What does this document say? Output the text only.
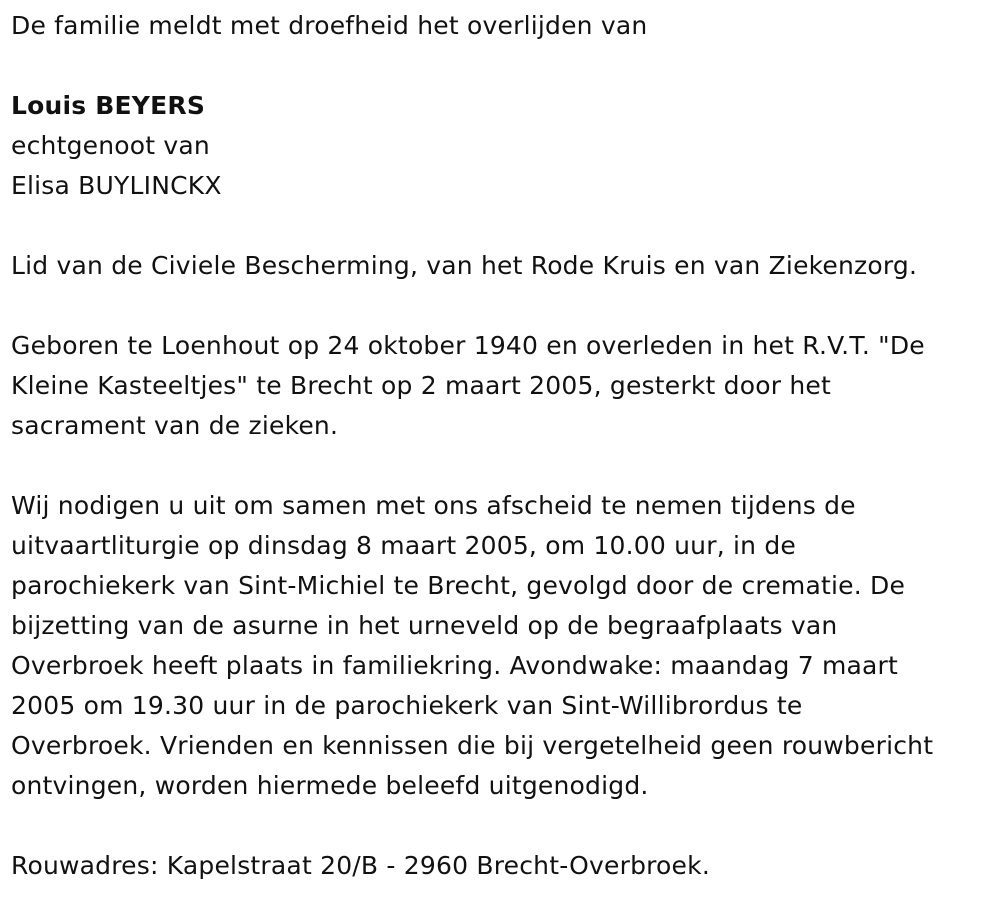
De familie meldt met droefheid het overlijden van

Louis BEYERS

echtgenoot van

Elisa BUYLINCKX

Lid van de Civiele Bescherming, van het Rode Kruis en van Ziekenzorg.

Geboren te Loenhout op 24 oktober 1940 en overleden in het R.V.T. "De

Kleine Kasteeltjes" te Brecht op 2 maart 2005, gesterkt door het

sacrament van de zieken.

Wij nodigen u uit om samen met ons afscheid te nemen tijdens de

uitvaartliturgie op dinsdag 8 maart 2005, om 10.00 uur, in de

parochiekerk van Sint-Michiel te Brecht, gevolgd door de crematie. De

bijzetting van de asurne in het urneveld op de begraafplaats van

Overbroek heeft plaats in familiekring. Avondwake: maandag 7 maart

2005 om 19.30 uur in de parochiekerk van Sint-Willibrordus te

Overbroek. Vrienden en kennissen die bij vergetelheid geen rouwbericht

ontvingen, worden hiermede beleefd uitgenodigd.

Rouwadres: Kapelstraat 20/B - 2960 Brecht-Overbroek.
